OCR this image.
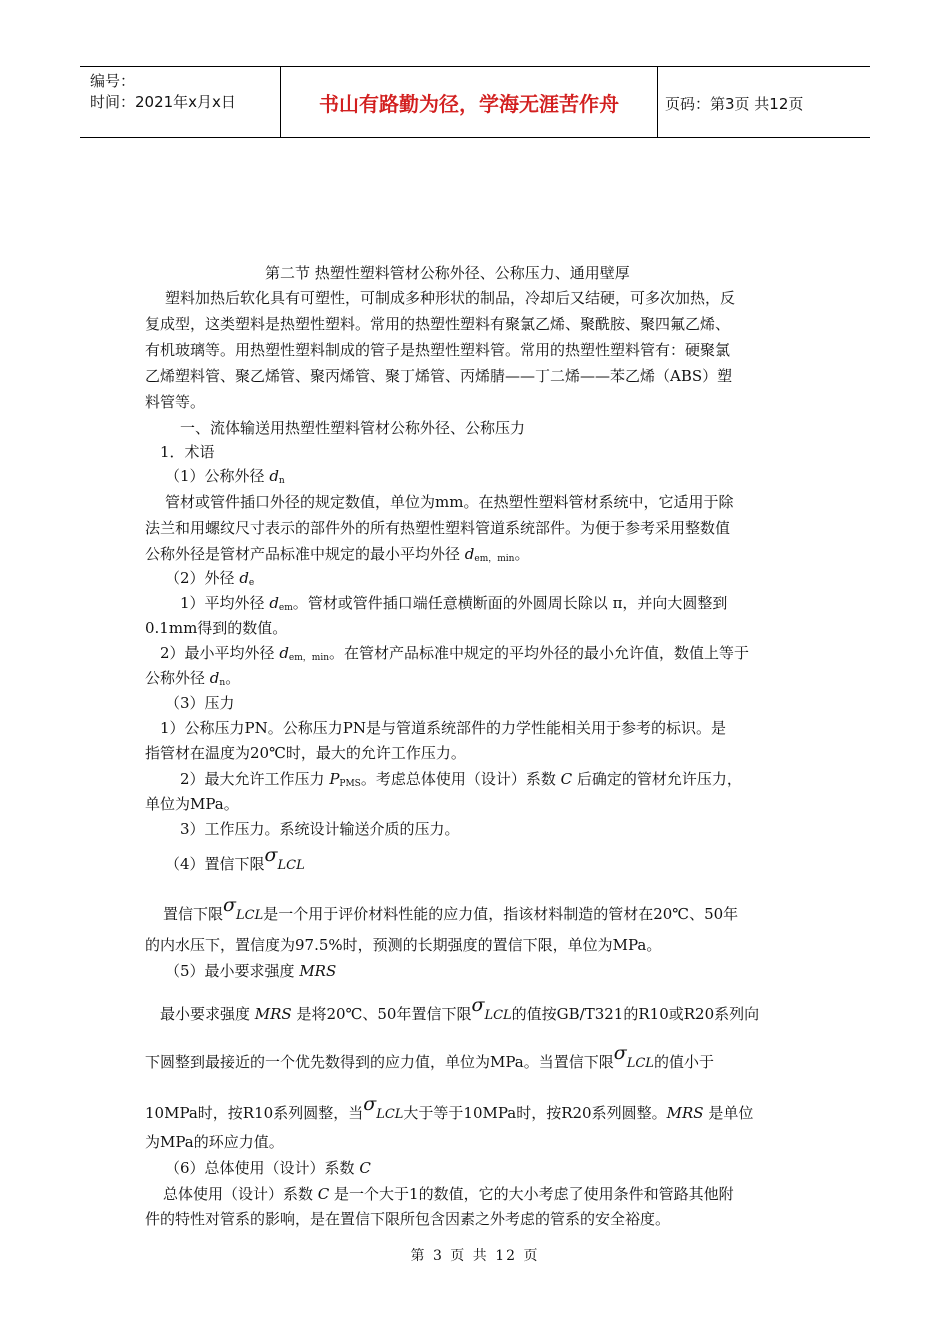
编号：
时间：2021年x月x日	书山有路勤为径，学海无涯苦作舟	页码：第3页 共12页
第二节 热塑性塑料管材公称外径、公称压力、通用壁厚
塑料加热后软化具有可塑性，可制成多种形状的制品，冷却后又结硬，可多次加热，反
复成型，这类塑料是热塑性塑料。常用的热塑性塑料有聚氯乙烯、聚酰胺、聚四氟乙烯、
有机玻璃等。用热塑性塑料制成的管子是热塑性塑料管。常用的热塑性塑料管有：硬聚氯
乙烯塑料管、聚乙烯管、聚丙烯管、聚丁烯管、丙烯腈——丁二烯——苯乙烯（ABS）塑
料管等。
一、流体输送用热塑性塑料管材公称外径、公称压力
1．术语
（1）公称外径 $d_n$
管材或管件插口外径的规定数值，单位为mm。在热塑性塑料管材系统中，它适用于除
法兰和用螺纹尺寸表示的部件外的所有热塑性塑料管道系统部件。为便于参考采用整数值
公称外径是管材产品标准中规定的最小平均外径 $d_{em,min}$。
（2）外径 $d_e$
1）平均外径 $d_{em}$。管材或管件插口端任意横断面的外圆周长除以 π，并向大圆整到
0.1mm得到的数值。
2）最小平均外径 $d_{em,min}$。在管材产品标准中规定的平均外径的最小允许值，数值上等于
公称外径 $d_n$。
（3）压力
1）公称压力PN。公称压力PN是与管道系统部件的力学性能相关用于参考的标识。是
指管材在温度为20℃时，最大的允许工作压力。
2）最大允许工作压力 $P_{PMS}$。考虑总体使用（设计）系数 C 后确定的管材允许压力，
单位为MPa。
3）工作压力。系统设计输送介质的压力。
（4）置信下限σLCL
置信下限σLCL是一个用于评价材料性能的应力值，指该材料制造的管材在20℃、50年
的内水压下，置信度为97.5%时，预测的长期强度的置信下限，单位为MPa。
（5）最小要求强度 MRS
最小要求强度 MRS 是将20℃、50年置信下限σLCL的值按GB/T321的R10或R20系列向
下圆整到最接近的一个优先数得到的应力值，单位为MPa。当置信下限σLCL的值小于
10MPa时，按R10系列圆整，当σLCL大于等于10MPa时，按R20系列圆整。MRS 是单位
为MPa的环应力值。
（6）总体使用（设计）系数 C
总体使用（设计）系数 C 是一个大于1的数值，它的大小考虑了使用条件和管路其他附
件的特性对管系的影响，是在置信下限所包含因素之外考虑的管系的安全裕度。
第 3 页 共 12 页
